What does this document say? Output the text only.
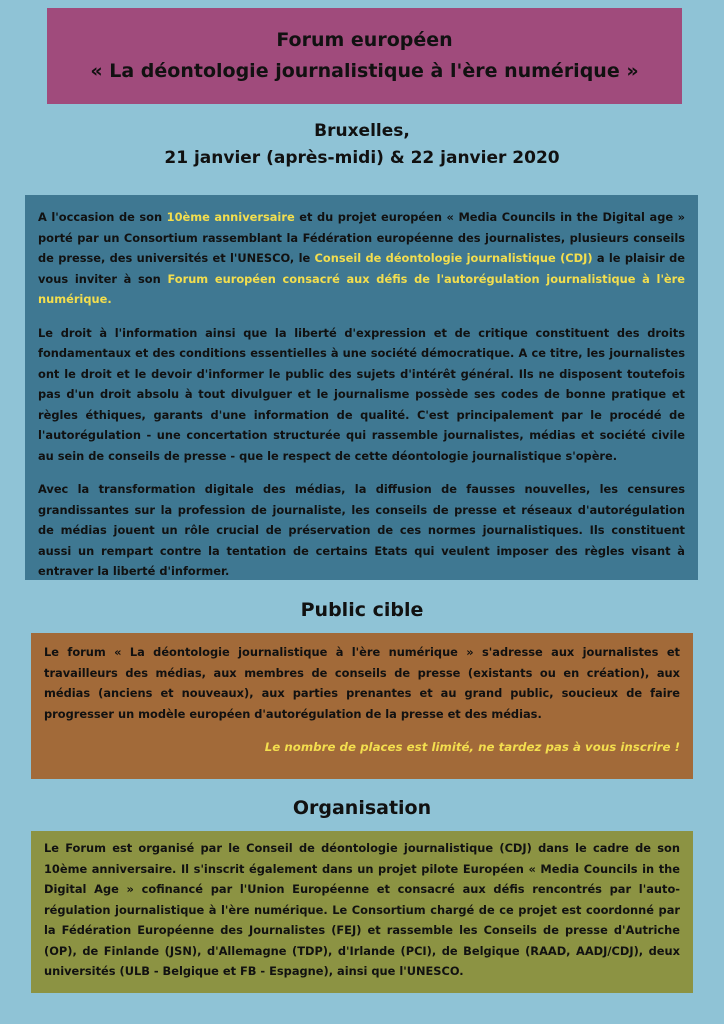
Forum européen
« La déontologie journalistique à l'ère numérique »
Bruxelles,
21 janvier (après-midi) & 22 janvier 2020

A l'occasion de son 10ème anniversaire et du projet européen « Media Councils in the Digital age » porté par un Consortium rassemblant la Fédération européenne des journalistes, plusieurs conseils de presse, des universités et l'UNESCO, le Conseil de déontologie journalistique (CDJ) a le plaisir de vous inviter à son Forum européen consacré aux défis de l'autorégulation journalistique à l'ère numérique.

Le droit à l'information ainsi que la liberté d'expression et de critique constituent des droits fondamentaux et des conditions essentielles à une société démocratique. A ce titre, les journalistes ont le droit et le devoir d'informer le public des sujets d'intérêt général. Ils ne disposent toutefois pas d'un droit absolu à tout divulguer et le journalisme possède ses codes de bonne pratique et règles éthiques, garants d'une information de qualité. C'est principalement par le procédé de l'autorégulation - une concertation structurée qui rassemble journalistes, médias et société civile au sein de conseils de presse - que le respect de cette déontologie journalistique s'opère.

Avec la transformation digitale des médias, la diffusion de fausses nouvelles, les censures grandissantes sur la profession de journaliste, les conseils de presse et réseaux d'autorégulation de médias jouent un rôle crucial de préservation de ces normes journalistiques. Ils constituent aussi un rempart contre la tentation de certains Etats qui veulent imposer des règles visant à entraver la liberté d'informer.

Public cible

Le forum « La déontologie journalistique à l'ère numérique » s'adresse aux journalistes et travailleurs des médias, aux membres de conseils de presse (existants ou en création), aux médias (anciens et nouveaux), aux parties prenantes et au grand public, soucieux de faire progresser un modèle européen d'autorégulation de la presse et des médias.

Le nombre de places est limité, ne tardez pas à vous inscrire !

Organisation

Le Forum est organisé par le Conseil de déontologie journalistique (CDJ) dans le cadre de son 10ème anniversaire. Il s'inscrit également dans un projet pilote Européen « Media Councils in the Digital Age » cofinancé par l'Union Européenne et consacré aux défis rencontrés par l'auto-régulation journalistique à l'ère numérique. Le Consortium chargé de ce projet est coordonné par la Fédération Européenne des Journalistes (FEJ) et rassemble les Conseils de presse d'Autriche (OP), de Finlande (JSN), d'Allemagne (TDP), d'Irlande (PCI), de Belgique (RAAD, AADJ/CDJ), deux universités (ULB - Belgique et FB - Espagne), ainsi que l'UNESCO.
